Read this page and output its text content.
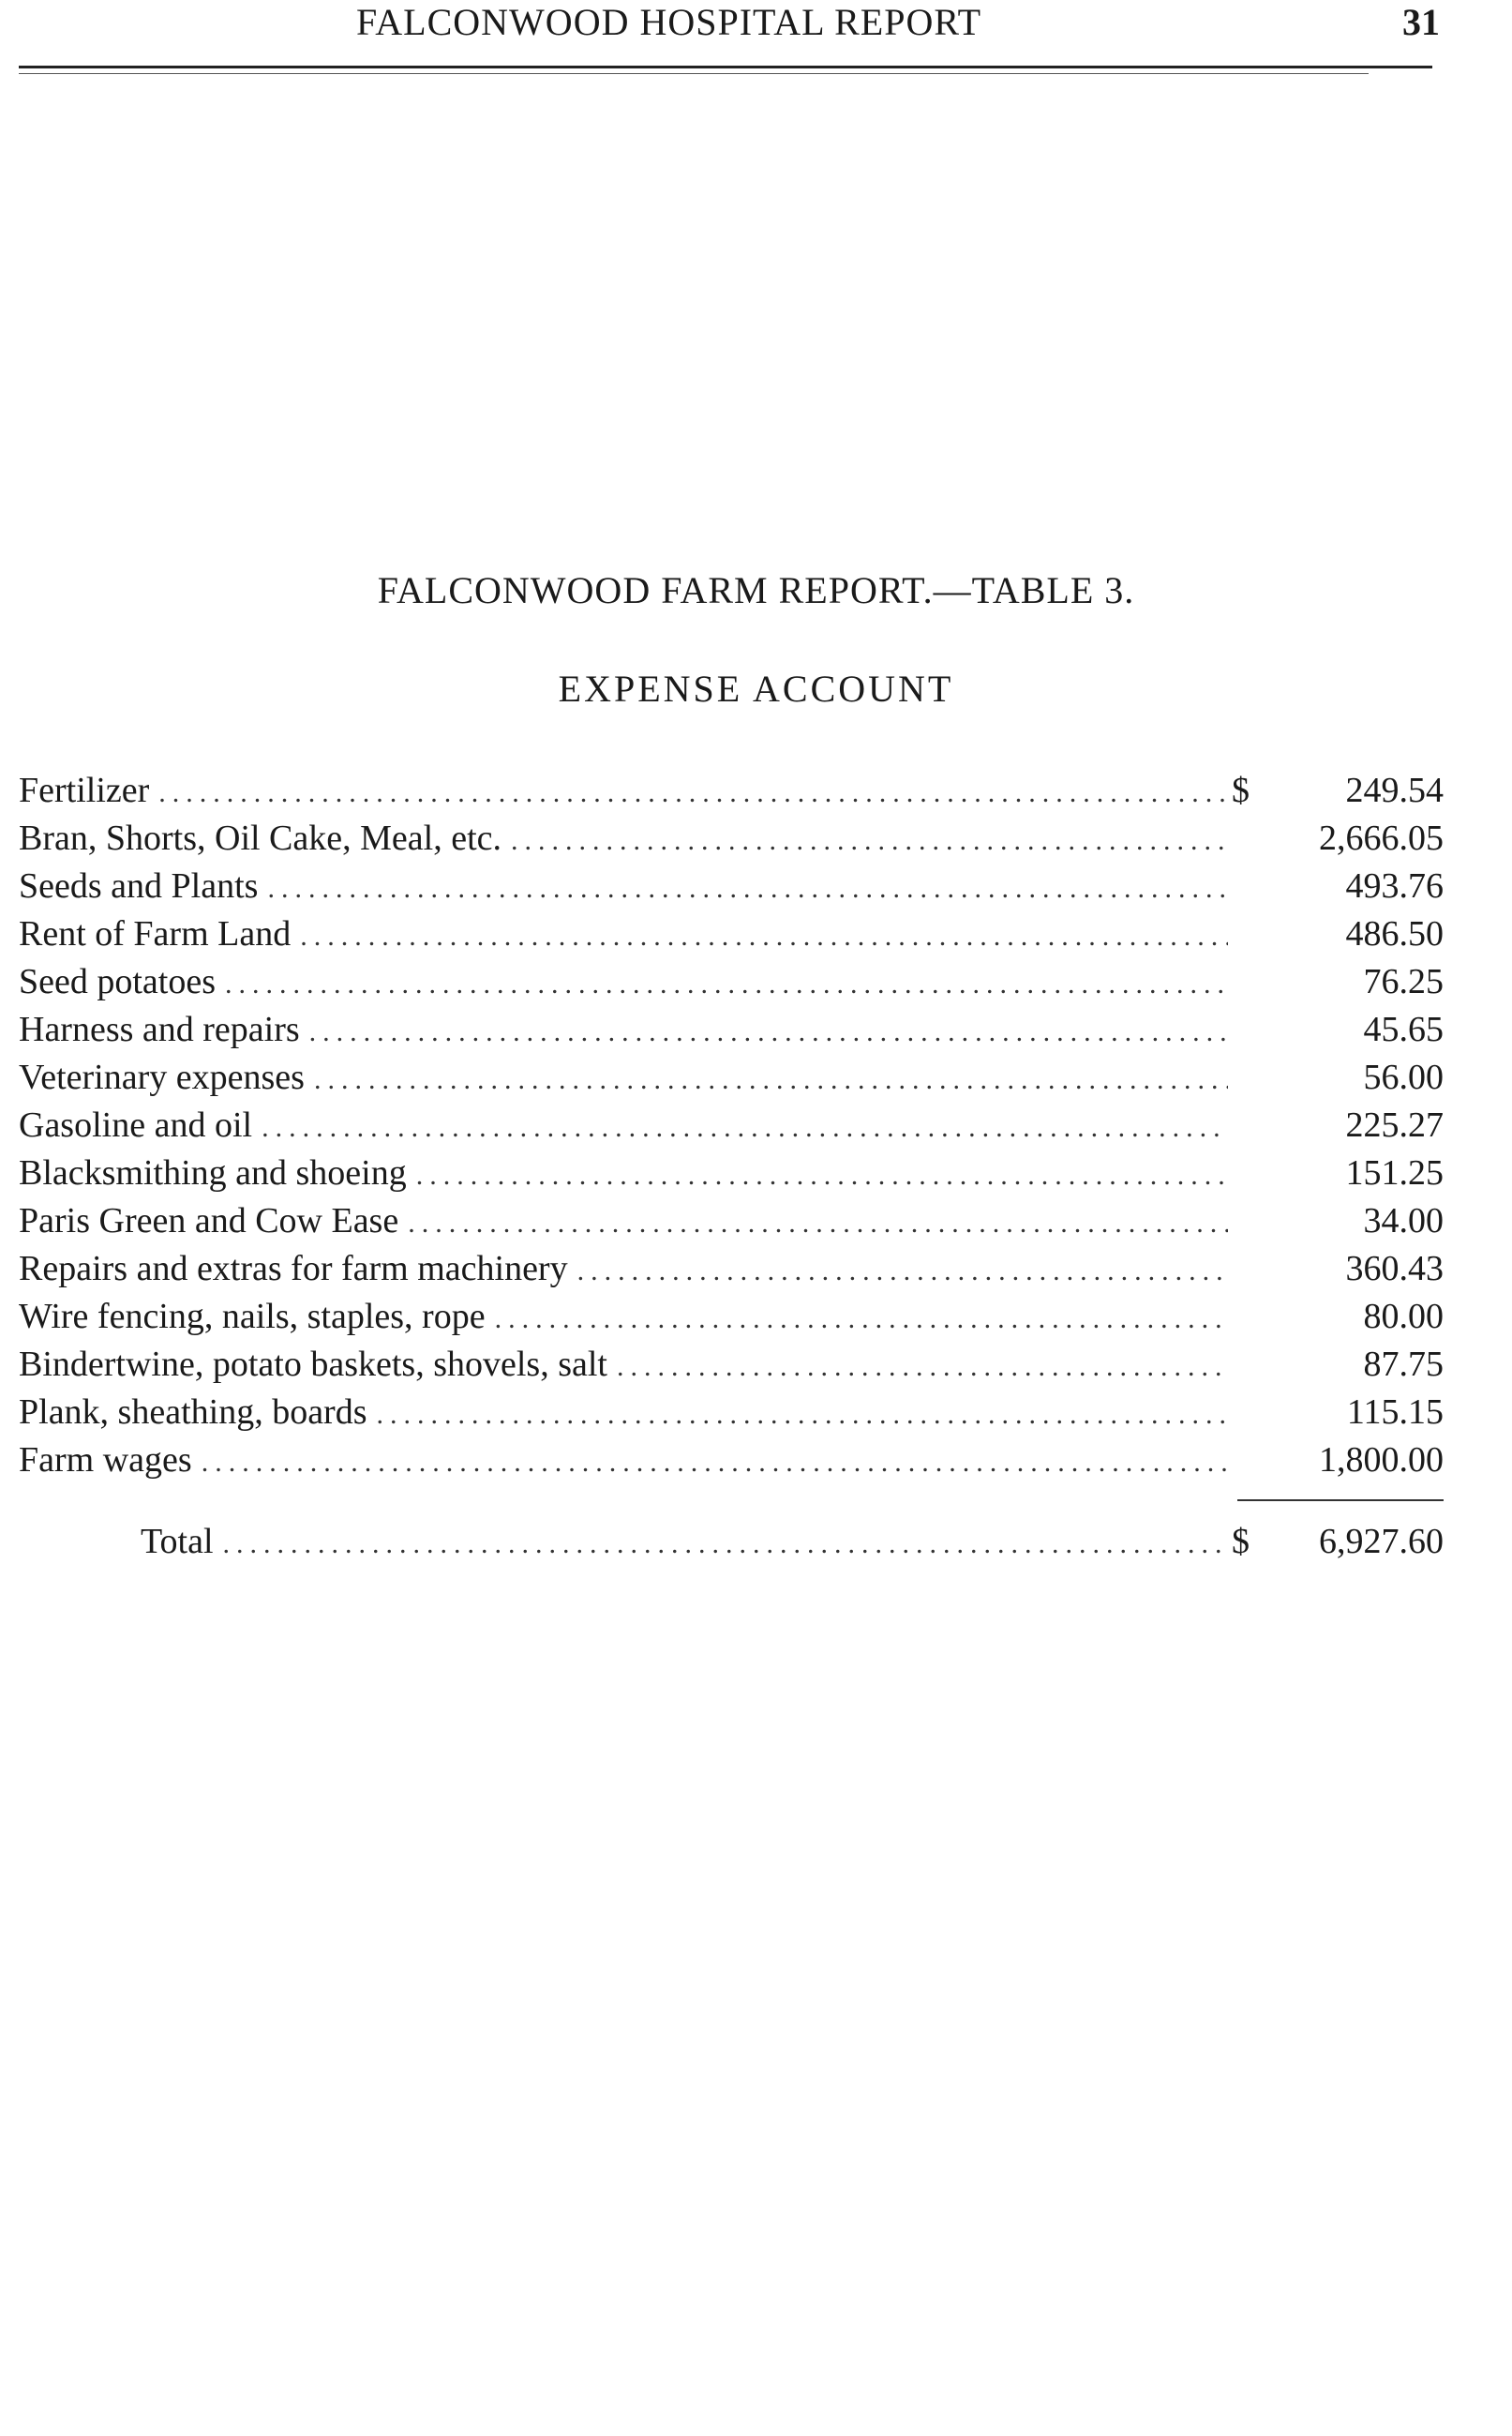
FALCONWOOD HOSPITAL REPORT	31
FALCONWOOD FARM REPORT.—TABLE 3.
EXPENSE ACCOUNT
Fertilizer .....	$	249.54
Bran, Shorts, Oil Cake, Meal, etc. .....	2,666.05
Seeds and Plants .....	493.76
Rent of Farm Land .....	486.50
Seed potatoes .....	76.25
Harness and repairs .....	45.65
Veterinary expenses .....	56.00
Gasoline and oil .....	225.27
Blacksmithing and shoeing .....	151.25
Paris Green and Cow Ease .....	34.00
Repairs and extras for farm machinery .....	360.43
Wire fencing, nails, staples, rope .....	80.00
Bindertwine, potato baskets, shovels, salt .....	87.75
Plank, sheathing, boards .....	115.15
Farm wages .....	1,800.00
Total .....	$	6,927.60
